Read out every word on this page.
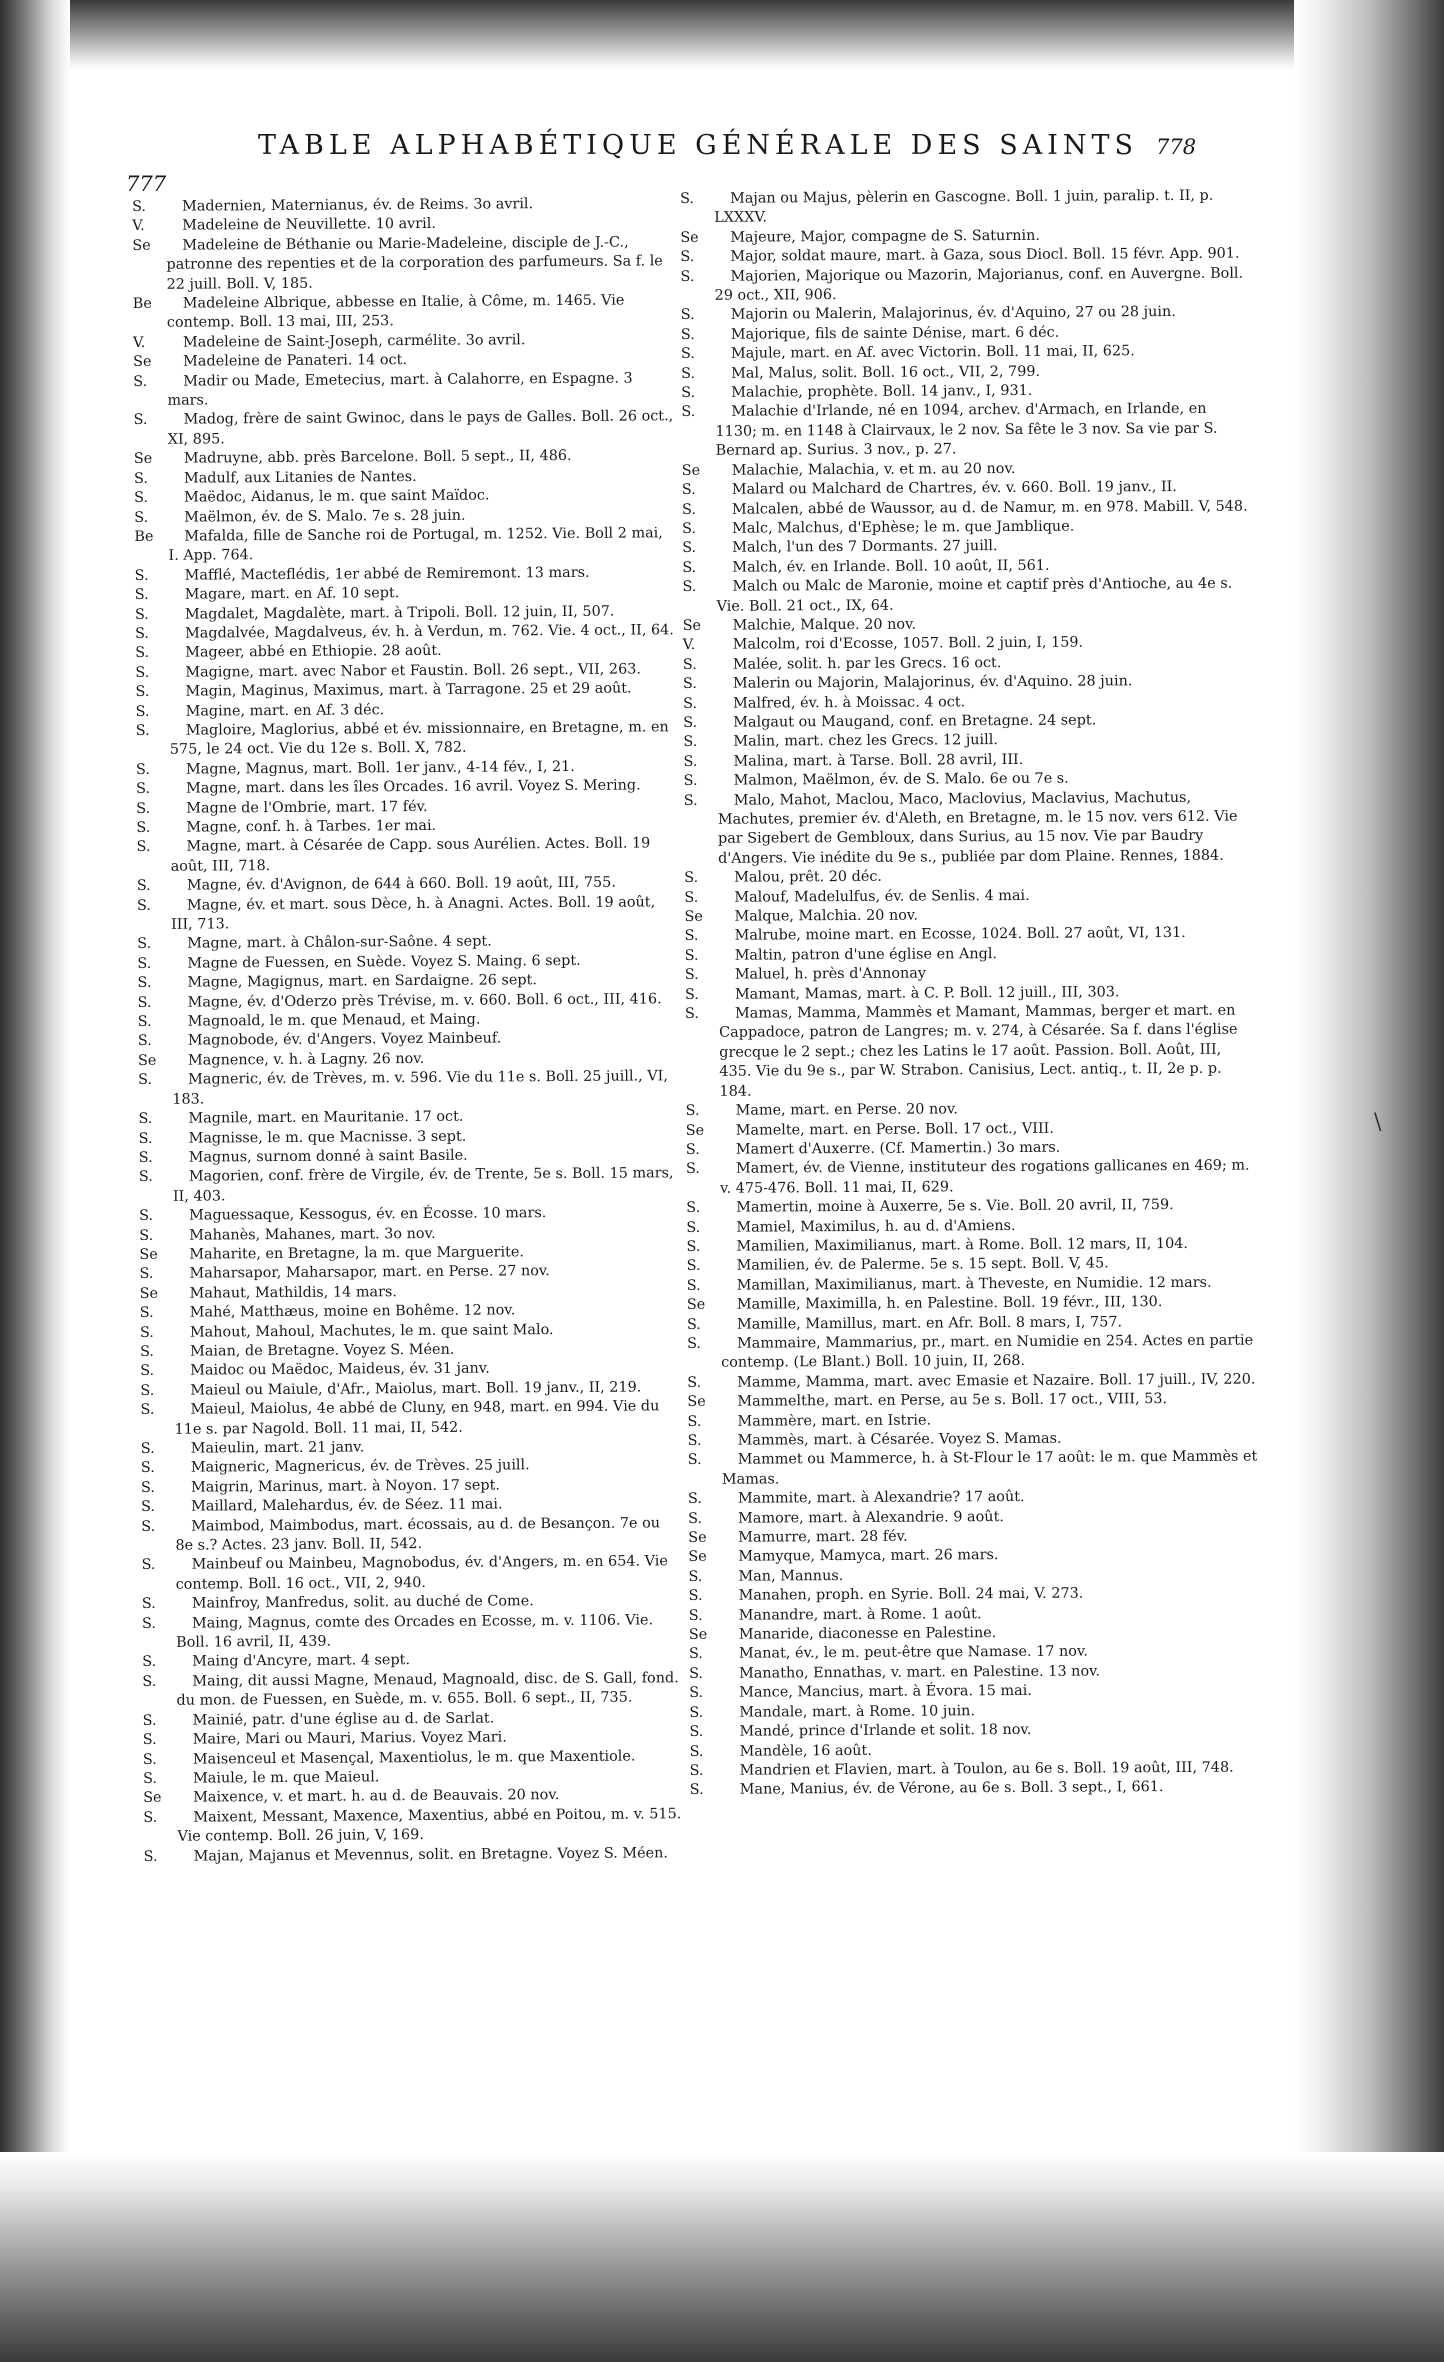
777
TABLE ALPHABÉTIQUE GÉNÉRALE DES SAINTS 778

S.	Madernien, Maternianus, év. de Reims. 3o avril.

V.	Madeleine de Neuvillette. 10 avril.

Se	Madeleine de Béthanie ou Marie-Madeleine, disciple de J.-C., patronne des repenties et de la corporation des parfumeurs. Sa f. le 22 juill. Boll. V, 185.

Be	Madeleine Albrique, abbesse en Italie, à Côme, m. 1465. Vie contemp. Boll. 13 mai, III, 253.

V.	Madeleine de Saint-Joseph, carmélite. 3o avril.

Se	Madeleine de Panateri. 14 oct.

S.	Madir ou Made, Emetecius, mart. à Calahorre, en Espagne. 3 mars.

S.	Madog, frère de saint Gwinoc, dans le pays de Galles. Boll. 26 oct., XI, 895.

Se	Madruyne, abb. près Barcelone. Boll. 5 sept., II, 486.

S.	Madulf, aux Litanies de Nantes.

S.	Maëdoc, Aidanus, le m. que saint Maïdoc.

S.	Maëlmon, év. de S. Malo. 7e s. 28 juin.

Be	Mafalda, fille de Sanche roi de Portugal, m. 1252. Vie. Boll 2 mai, I. App. 764.

S.	Mafflé, Macteflédis, 1er abbé de Remiremont. 13 mars.

S.	Magare, mart. en Af. 10 sept.

S.	Magdalet, Magdalète, mart. à Tripoli. Boll. 12 juin, II, 507.

S.	Magdalvée, Magdalveus, év. h. à Verdun, m. 762. Vie. 4 oct., II, 64.

S.	Mageer, abbé en Ethiopie. 28 août.

S.	Magigne, mart. avec Nabor et Faustin. Boll. 26 sept., VII, 263.

S.	Magin, Maginus, Maximus, mart. à Tarragone. 25 et 29 août.

S.	Magine, mart. en Af. 3 déc.

S.	Magloire, Maglorius, abbé et év. missionnaire, en Bretagne, m. en 575, le 24 oct. Vie du 12e s. Boll. X, 782.

S.	Magne, Magnus, mart. Boll. 1er janv., 4-14 fév., I, 21.

S.	Magne, mart. dans les îles Orcades. 16 avril. Voyez S. Mering.

S.	Magne de l'Ombrie, mart. 17 fév.

S.	Magne, conf. h. à Tarbes. 1er mai.

S.	Magne, mart. à Césarée de Capp. sous Aurélien. Actes. Boll. 19 août, III, 718.

S.	Magne, év. d'Avignon, de 644 à 660. Boll. 19 août, III, 755.

S.	Magne, év. et mart. sous Dèce, h. à Anagni. Actes. Boll. 19 août, III, 713.

S.	Magne, mart. à Châlon-sur-Saône. 4 sept.

S.	Magne de Fuessen, en Suède. Voyez S. Maing. 6 sept.

S.	Magne, Magignus, mart. en Sardaigne. 26 sept.

S.	Magne, év. d'Oderzo près Trévise, m. v. 660. Boll. 6 oct., III, 416.

S.	Magnoald, le m. que Menaud, et Maing.

S.	Magnobode, év. d'Angers. Voyez Mainbeuf.

Se	Magnence, v. h. à Lagny. 26 nov.

S.	Magneric, év. de Trèves, m. v. 596. Vie du 11e s. Boll. 25 juill., VI, 183.

S.	Magnile, mart. en Mauritanie. 17 oct.

S.	Magnisse, le m. que Macnisse. 3 sept.

S.	Magnus, surnom donné à saint Basile.

S.	Magorien, conf. frère de Virgile, év. de Trente, 5e s. Boll. 15 mars, II, 403.

S.	Maguessaque, Kessogus, év. en Écosse. 10 mars.

S.	Mahanès, Mahanes, mart. 3o nov.

Se	Maharite, en Bretagne, la m. que Marguerite.

S.	Maharsapor, Maharsapor, mart. en Perse. 27 nov.

Se	Mahaut, Mathildis, 14 mars.

S.	Mahé, Matthæus, moine en Bohême. 12 nov.

S.	Mahout, Mahoul, Machutes, le m. que saint Malo.

S.	Maian, de Bretagne. Voyez S. Méen.

S.	Maidoc ou Maëdoc, Maideus, év. 31 janv.

S.	Maieul ou Maiule, d'Afr., Maiolus, mart. Boll. 19 janv., II, 219.

S.	Maieul, Maiolus, 4e abbé de Cluny, en 948, mart. en 994. Vie du 11e s. par Nagold. Boll. 11 mai, II, 542.

S.	Maieulin, mart. 21 janv.

S.	Maigneric, Magnericus, év. de Trèves. 25 juill.

S.	Maigrin, Marinus, mart. à Noyon. 17 sept.

S.	Maillard, Malehardus, év. de Séez. 11 mai.

S.	Maimbod, Maimbodus, mart. écossais, au d. de Besançon. 7e ou 8e s.? Actes. 23 janv. Boll. II, 542.

S.	Mainbeuf ou Mainbeu, Magnobodus, év. d'Angers, m. en 654. Vie contemp. Boll. 16 oct., VII, 2, 940.

S.	Mainfroy, Manfredus, solit. au duché de Come.

S.	Maing, Magnus, comte des Orcades en Ecosse, m. v. 1106. Vie. Boll. 16 avril, II, 439.

S.	Maing d'Ancyre, mart. 4 sept.

S.	Maing, dit aussi Magne, Menaud, Magnoald, disc. de S. Gall, fond. du mon. de Fuessen, en Suède, m. v. 655. Boll. 6 sept., II, 735.

S.	Mainié, patr. d'une église au d. de Sarlat.

S.	Maire, Mari ou Mauri, Marius. Voyez Mari.

S.	Maisenceul et Masençal, Maxentiolus, le m. que Maxentiole.

S.	Maiule, le m. que Maieul.

Se	Maixence, v. et mart. h. au d. de Beauvais. 20 nov.

S.	Maixent, Messant, Maxence, Maxentius, abbé en Poitou, m. v. 515. Vie contemp. Boll. 26 juin, V, 169.

S.	Majan, Majanus et Mevennus, solit. en Bretagne. Voyez S. Méen.

S.	Majan ou Majus, pèlerin en Gascogne. Boll. 1 juin, paralip. t. II, p. LXXXV.

Se	Majeure, Major, compagne de S. Saturnin.

S.	Major, soldat maure, mart. à Gaza, sous Diocl. Boll. 15 févr. App. 901.

S.	Majorien, Majorique ou Mazorin, Majorianus, conf. en Auvergne. Boll. 29 oct., XII, 906.

S.	Majorin ou Malerin, Malajorinus, év. d'Aquino, 27 ou 28 juin.

S.	Majorique, fils de sainte Dénise, mart. 6 déc.

S.	Majule, mart. en Af. avec Victorin. Boll. 11 mai, II, 625.

S.	Mal, Malus, solit. Boll. 16 oct., VII, 2, 799.

S.	Malachie, prophète. Boll. 14 janv., I, 931.

S.	Malachie d'Irlande, né en 1094, archev. d'Armach, en Irlande, en 1130; m. en 1148 à Clairvaux, le 2 nov. Sa fête le 3 nov. Sa vie par S. Bernard ap. Surius. 3 nov., p. 27.

Se	Malachie, Malachia, v. et m. au 20 nov.

S.	Malard ou Malchard de Chartres, év. v. 660. Boll. 19 janv., II.

S.	Malcalen, abbé de Waussor, au d. de Namur, m. en 978. Mabill. V, 548.

S.	Malc, Malchus, d'Ephèse; le m. que Jamblique.

S.	Malch, l'un des 7 Dormants. 27 juill.

S.	Malch, év. en Irlande. Boll. 10 août, II, 561.

S.	Malch ou Malc de Maronie, moine et captif près d'Antioche, au 4e s. Vie. Boll. 21 oct., IX, 64.

Se	Malchie, Malque. 20 nov.

V.	Malcolm, roi d'Ecosse, 1057. Boll. 2 juin, I, 159.

S.	Malée, solit. h. par les Grecs. 16 oct.

S.	Malerin ou Majorin, Malajorinus, év. d'Aquino. 28 juin.

S.	Malfred, év. h. à Moissac. 4 oct.

S.	Malgaut ou Maugand, conf. en Bretagne. 24 sept.

S.	Malin, mart. chez les Grecs. 12 juill.

S.	Malina, mart. à Tarse. Boll. 28 avril, III.

S.	Malmon, Maëlmon, év. de S. Malo. 6e ou 7e s.

S.	Malo, Mahot, Maclou, Maco, Maclovius, Maclavius, Machutus, Machutes, premier év. d'Aleth, en Bretagne, m. le 15 nov. vers 612. Vie par Sigebert de Gembloux, dans Surius, au 15 nov. Vie par Baudry d'Angers. Vie inédite du 9e s., publiée par dom Plaine. Rennes, 1884.

S.	Malou, prêt. 20 déc.

S.	Malouf, Madelulfus, év. de Senlis. 4 mai.

Se	Malque, Malchia. 20 nov.

S.	Malrube, moine mart. en Ecosse, 1024. Boll. 27 août, VI, 131.

S.	Maltin, patron d'une église en Angl.

S.	Maluel, h. près d'Annonay

S.	Mamant, Mamas, mart. à C. P. Boll. 12 juill., III, 303.

S.	Mamas, Mamma, Mammès et Mamant, Mammas, berger et mart. en Cappadoce, patron de Langres; m. v. 274, à Césarée. Sa f. dans l'église grecque le 2 sept.; chez les Latins le 17 août. Passion. Boll. Août, III, 435. Vie du 9e s., par W. Strabon. Canisius, Lect. antiq., t. II, 2e p. p. 184.

S.	Mame, mart. en Perse. 20 nov.

Se	Mamelte, mart. en Perse. Boll. 17 oct., VIII.

S.	Mamert d'Auxerre. (Cf. Mamertin.) 3o mars.

S.	Mamert, év. de Vienne, instituteur des rogations gallicanes en 469; m. v. 475-476. Boll. 11 mai, II, 629.

S.	Mamertin, moine à Auxerre, 5e s. Vie. Boll. 20 avril, II, 759.

S.	Mamiel, Maximilus, h. au d. d'Amiens.

S.	Mamilien, Maximilianus, mart. à Rome. Boll. 12 mars, II, 104.

S.	Mamilien, év. de Palerme. 5e s. 15 sept. Boll. V, 45.

S.	Mamillan, Maximilianus, mart. à Theveste, en Numidie. 12 mars.

Se	Mamille, Maximilla, h. en Palestine. Boll. 19 févr., III, 130.

S.	Mamille, Mamillus, mart. en Afr. Boll. 8 mars, I, 757.

S.	Mammaire, Mammarius, pr., mart. en Numidie en 254. Actes en partie contemp. (Le Blant.) Boll. 10 juin, II, 268.

S.	Mamme, Mamma, mart. avec Emasie et Nazaire. Boll. 17 juill., IV, 220.

Se	Mammelthe, mart. en Perse, au 5e s. Boll. 17 oct., VIII, 53.

S.	Mammère, mart. en Istrie.

S.	Mammès, mart. à Césarée. Voyez S. Mamas.

S.	Mammet ou Mammerce, h. à St-Flour le 17 août: le m. que Mammès et Mamas.

S.	Mammite, mart. à Alexandrie? 17 août.

S.	Mamore, mart. à Alexandrie. 9 août.

Se	Mamurre, mart. 28 fév.

Se	Mamyque, Mamyca, mart. 26 mars.

S.	Man, Mannus.

S.	Manahen, proph. en Syrie. Boll. 24 mai, V. 273.

S.	Manandre, mart. à Rome. 1 août.

Se	Manaride, diaconesse en Palestine.

S.	Manat, év., le m. peut-être que Namase. 17 nov.

S.	Manatho, Ennathas, v. mart. en Palestine. 13 nov.

S.	Mance, Mancius, mart. à Évora. 15 mai.

S.	Mandale, mart. à Rome. 10 juin.

S.	Mandé, prince d'Irlande et solit. 18 nov.

S.	Mandèle, 16 août.

S.	Mandrien et Flavien, mart. à Toulon, au 6e s. Boll. 19 août, III, 748.

S.	Mane, Manius, év. de Vérone, au 6e s. Boll. 3 sept., I, 661.

\
